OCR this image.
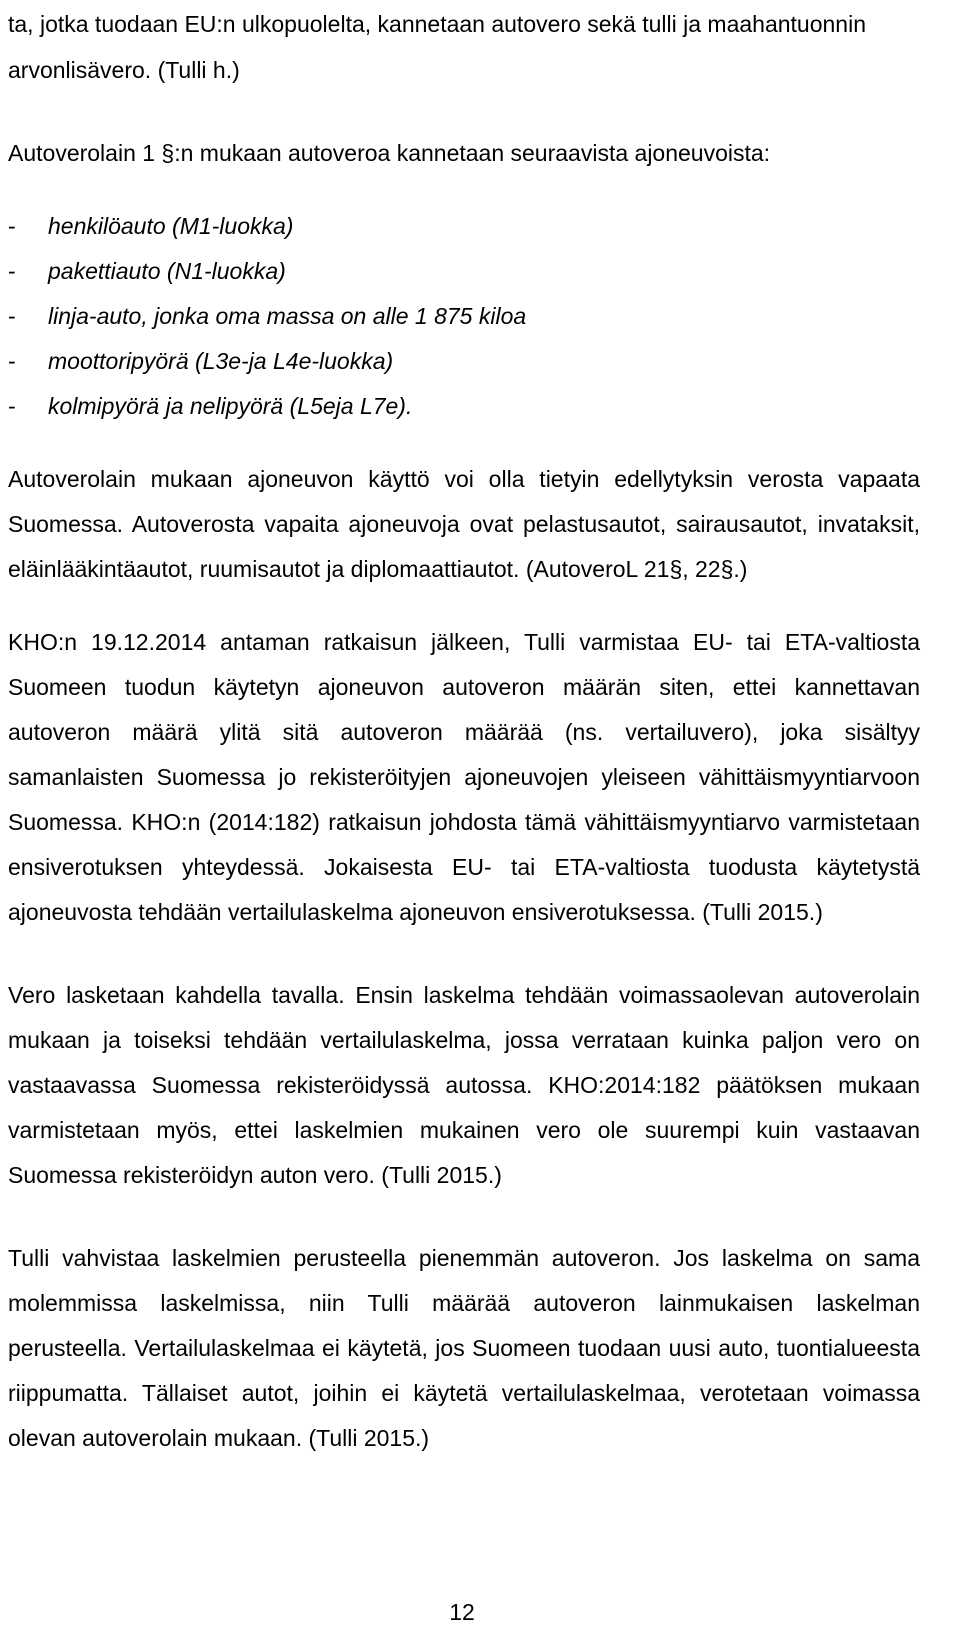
ta, jotka tuodaan EU:n ulkopuolelta, kannetaan autovero sekä tulli ja maahantuonnin arvonlisävero. (Tulli h.)

Autoverolain 1 §:n mukaan autoveroa kannetaan seuraavista ajoneuvoista:

-	henkilöauto (M1-luokka)
-	pakettiauto (N1-luokka)
-	linja-auto, jonka oma massa on alle 1 875 kiloa
-	moottoripyörä (L3e-ja L4e-luokka)
-	kolmipyörä ja nelipyörä (L5eja L7e).

Autoverolain mukaan ajoneuvon käyttö voi olla tietyin edellytyksin verosta vapaata Suomessa. Autoverosta vapaita ajoneuvoja ovat pelastusautot, sairausautot, invataksit, eläinlääkintäautot, ruumisautot ja diplomaattiautot. (AutoveroL 21§, 22§.)

KHO:n 19.12.2014 antaman ratkaisun jälkeen, Tulli varmistaa EU- tai ETA-valtiosta Suomeen tuodun käytetyn ajoneuvon autoveron määrän siten, ettei kannettavan autoveron määrä ylitä sitä autoveron määrää (ns. vertailuvero), joka sisältyy samanlaisten Suomessa jo rekisteröityjen ajoneuvojen yleiseen vähittäismyyntiarvoon Suomessa. KHO:n (2014:182) ratkaisun johdosta tämä vähittäismyyntiarvo varmistetaan ensiverotuksen yhteydessä. Jokaisesta EU- tai ETA-valtiosta tuodusta käytetystä ajoneuvosta tehdään vertailulaskelma ajoneuvon ensiverotuksessa. (Tulli 2015.)

Vero lasketaan kahdella tavalla. Ensin laskelma tehdään voimassaolevan autoverolain mukaan ja toiseksi tehdään vertailulaskelma, jossa verrataan kuinka paljon vero on vastaavassa Suomessa rekisteröidyssä autossa. KHO:2014:182 päätöksen mukaan varmistetaan myös, ettei laskelmien mukainen vero ole suurempi kuin vastaavan Suomessa rekisteröidyn auton vero. (Tulli 2015.)

Tulli vahvistaa laskelmien perusteella pienemmän autoveron. Jos laskelma on sama molemmissa laskelmissa, niin Tulli määrää autoveron lainmukaisen laskelman perusteella. Vertailulaskelmaa ei käytetä, jos Suomeen tuodaan uusi auto, tuontialueesta riippumatta. Tällaiset autot, joihin ei käytetä vertailulaskelmaa, verotetaan voimassa olevan autoverolain mukaan. (Tulli 2015.)

12
